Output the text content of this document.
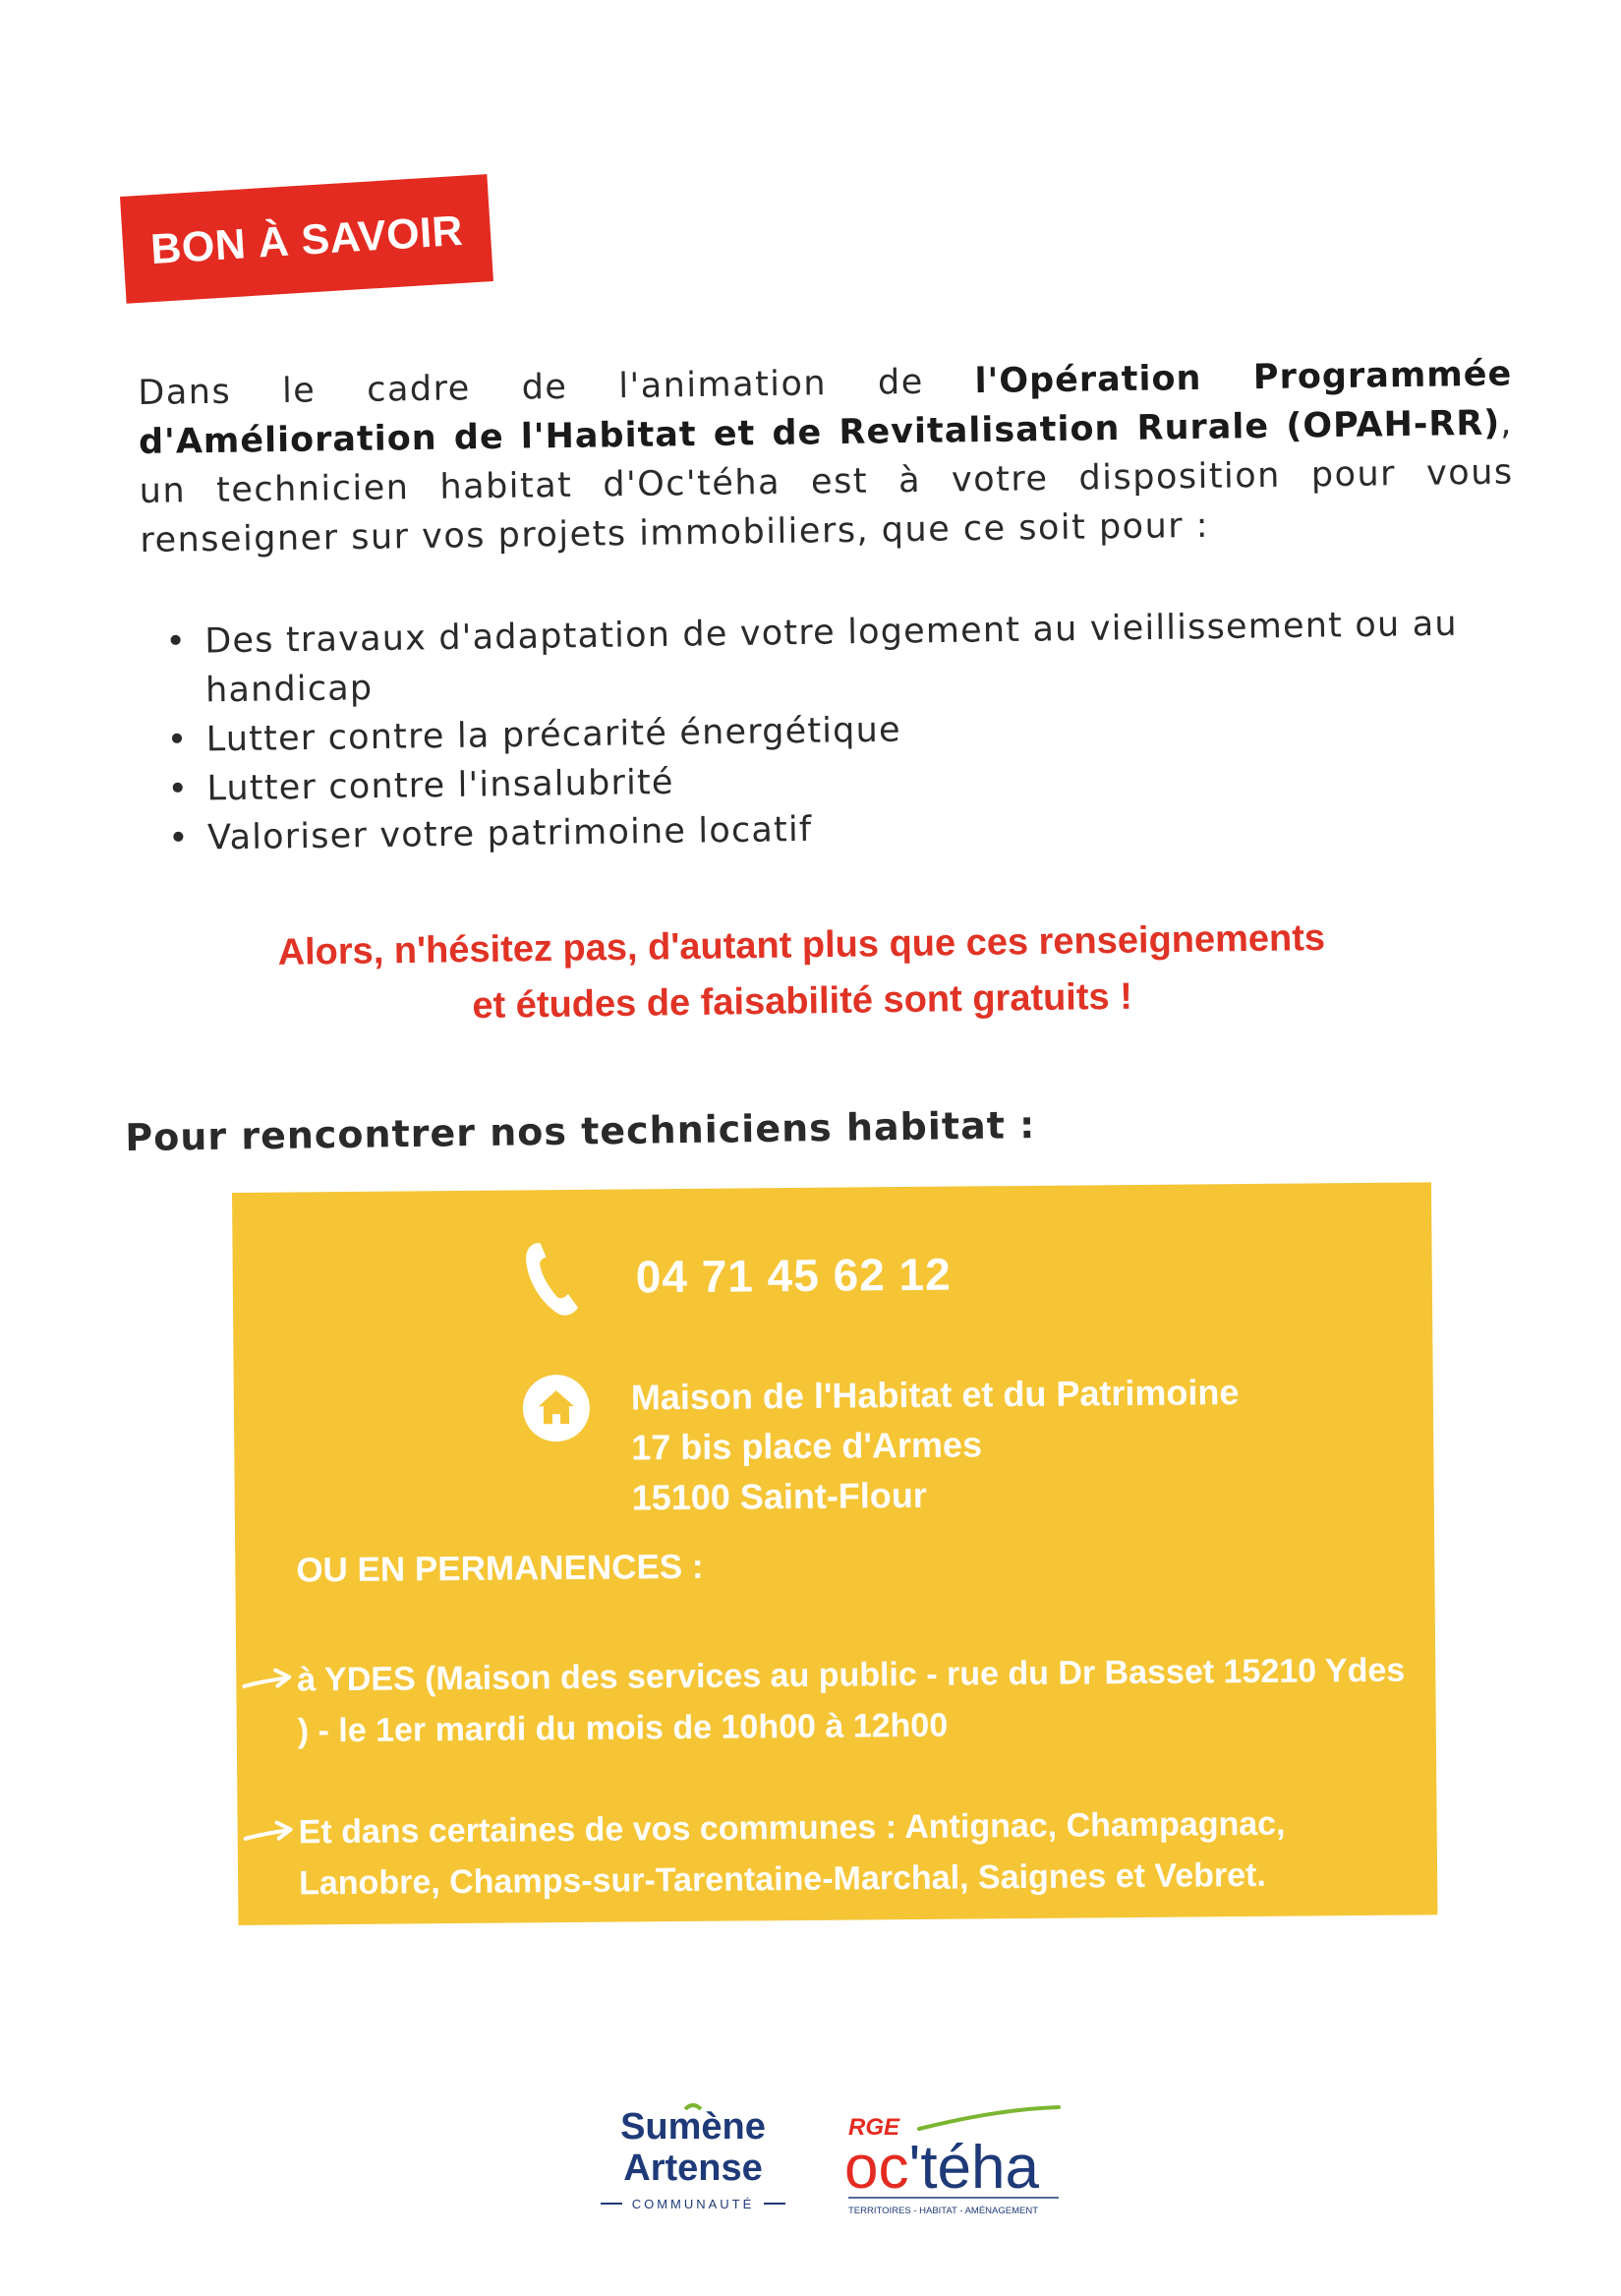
BON À SAVOIR

Dans le cadre de l'animation de l'Opération Programmée d'Amélioration de l'Habitat et de Revitalisation Rurale (OPAH-RR), un technicien habitat d'Oc'téha est à votre disposition pour vous renseigner sur vos projets immobiliers, que ce soit pour :

• Des travaux d'adaptation de votre logement au vieillissement ou au handicap
• Lutter contre la précarité énergétique
• Lutter contre l'insalubrité
• Valoriser votre patrimoine locatif
Alors, n'hésitez pas, d'autant plus que ces renseignements
et études de faisabilité sont gratuits !
Pour rencontrer nos techniciens habitat :
04 71 45 62 12
Maison de l'Habitat et du Patrimoine
17 bis place d'Armes
15100 Saint-Flour
OU EN PERMANENCES :
à YDES (Maison des services au public - rue du Dr Basset 15210 Ydes ) - le 1er mardi du mois de 10h00 à 12h00
Et dans certaines de vos communes : Antignac, Champagnac, Lanobre, Champs-sur-Tarentaine-Marchal, Saignes et Vebret.
Sumène
Artense
COMMUNAUTÉ
RGE
oc'téha
TERRITOIRES - HABITAT - AMÉNAGEMENT
